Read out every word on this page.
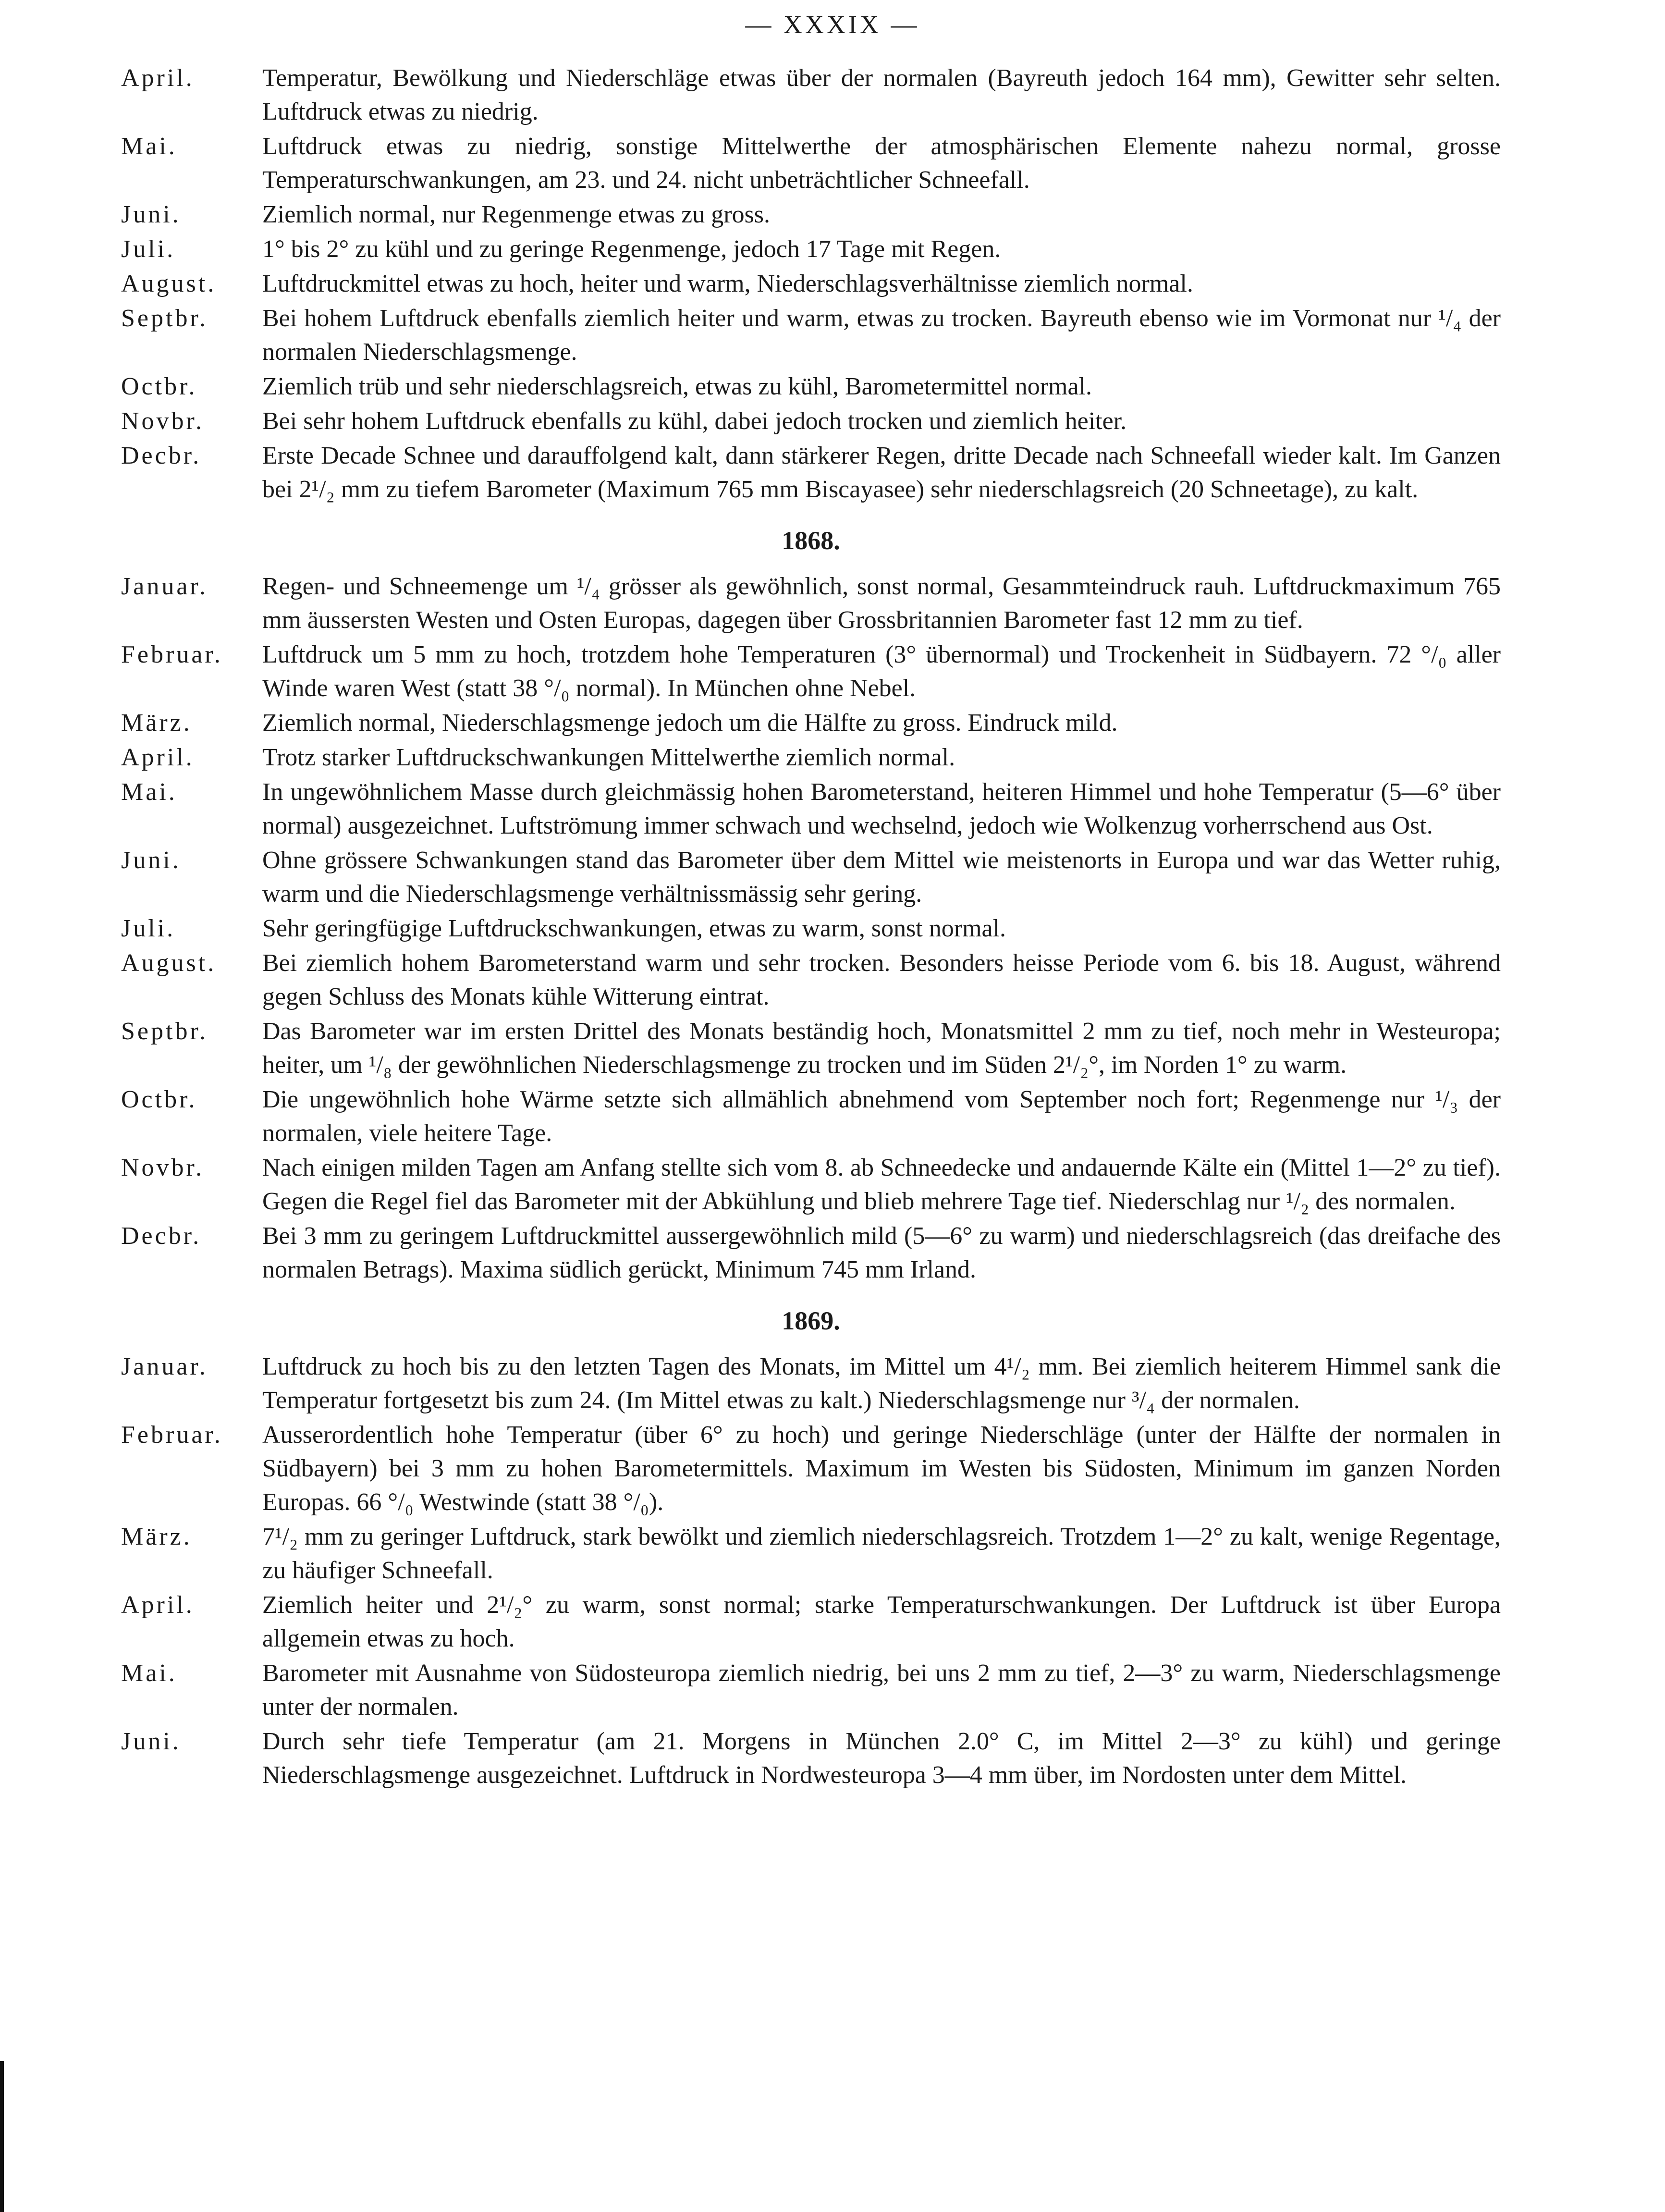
— XXXIX —
April.	Temperatur, Bewölkung und Niederschläge etwas über der normalen (Bayreuth jedoch 164 mm), Gewitter sehr selten. Luftdruck etwas zu niedrig.
Mai.	Luftdruck etwas zu niedrig, sonstige Mittelwerthe der atmosphärischen Elemente nahezu normal, grosse Temperaturschwankungen, am 23. und 24. nicht unbeträchtlicher Schneefall.
Juni.	Ziemlich normal, nur Regenmenge etwas zu gross.
Juli.	1° bis 2° zu kühl und zu geringe Regenmenge, jedoch 17 Tage mit Regen.
August. Luftdruckmittel etwas zu hoch, heiter und warm, Niederschlagsverhältnisse ziemlich normal.
Septbr. Bei hohem Luftdruck ebenfalls ziemlich heiter und warm, etwas zu trocken. Bayreuth ebenso wie im Vormonat nur ¹/₄ der normalen Niederschlagsmenge.
Octbr.	Ziemlich trüb und sehr niederschlagsreich, etwas zu kühl, Barometermittel normal.
Novbr. Bei sehr hohem Luftdruck ebenfalls zu kühl, dabei jedoch trocken und ziemlich heiter.
Decbr. Erste Decade Schnee und darauffolgend kalt, dann stärkerer Regen, dritte Decade nach Schneefall wieder kalt. Im Ganzen bei 2¹/₂ mm zu tiefem Barometer (Maximum 765 mm Biscayasee) sehr niederschlagsreich (20 Schneetage), zu kalt.
1868.
Januar. Regen- und Schneemenge um ¹/₄ grösser als gewöhnlich, sonst normal, Gesammteindruck rauh. Luftdruckmaximum 765 mm äussersten Westen und Osten Europas, dagegen über Grossbritannien Barometer fast 12 mm zu tief.
Februar. Luftdruck um 5 mm zu hoch, trotzdem hohe Temperaturen (3° übernormal) und Trockenheit in Südbayern. 72 °/₀ aller Winde waren West (statt 38 °/₀ normal). In München ohne Nebel.
März.	Ziemlich normal, Niederschlagsmenge jedoch um die Hälfte zu gross. Eindruck mild.
April.	Trotz starker Luftdruckschwankungen Mittelwerthe ziemlich normal.
Mai.	In ungewöhnlichem Masse durch gleichmässig hohen Barometerstand, heiteren Himmel und hohe Temperatur (5—6° über normal) ausgezeichnet. Luftströmung immer schwach und wechselnd, jedoch wie Wolkenzug vorherrschend aus Ost.
Juni.	Ohne grössere Schwankungen stand das Barometer über dem Mittel wie meistenorts in Europa und war das Wetter ruhig, warm und die Niederschlagsmenge verhältnissmässig sehr gering.
Juli.	Sehr geringfügige Luftdruckschwankungen, etwas zu warm, sonst normal.
August. Bei ziemlich hohem Barometerstand warm und sehr trocken. Besonders heisse Periode vom 6. bis 18. August, während gegen Schluss des Monats kühle Witterung eintrat.
Septbr. Das Barometer war im ersten Drittel des Monats beständig hoch, Monatsmittel 2 mm zu tief, noch mehr in Westeuropa; heiter, um ¹/₈ der gewöhnlichen Niederschlagsmenge zu trocken und im Süden 2¹/₂°, im Norden 1° zu warm.
Octbr.	Die ungewöhnlich hohe Wärme setzte sich allmählich abnehmend vom September noch fort; Regenmenge nur ¹/₃ der normalen, viele heitere Tage.
Novbr. Nach einigen milden Tagen am Anfang stellte sich vom 8. ab Schneedecke und andauernde Kälte ein (Mittel 1—2° zu tief). Gegen die Regel fiel das Barometer mit der Abkühlung und blieb mehrere Tage tief. Niederschlag nur ¹/₂ des normalen.
Decbr. Bei 3 mm zu geringem Luftdruckmittel aussergewöhnlich mild (5—6° zu warm) und niederschlagsreich (das dreifache des normalen Betrags). Maxima südlich gerückt, Minimum 745 mm Irland.
1869.
Januar. Luftdruck zu hoch bis zu den letzten Tagen des Monats, im Mittel um 4¹/₂ mm. Bei ziemlich heiterem Himmel sank die Temperatur fortgesetzt bis zum 24. (Im Mittel etwas zu kalt.) Niederschlagsmenge nur ³/₄ der normalen.
Februar. Ausserordentlich hohe Temperatur (über 6° zu hoch) und geringe Niederschläge (unter der Hälfte der normalen in Südbayern) bei 3 mm zu hohen Barometermittels. Maximum im Westen bis Südosten, Minimum im ganzen Norden Europas. 66 °/₀ Westwinde (statt 38 °/₀).
März.	7¹/₂ mm zu geringer Luftdruck, stark bewölkt und ziemlich niederschlagsreich. Trotzdem 1—2° zu kalt, wenige Regentage, zu häufiger Schneefall.
April.	Ziemlich heiter und 2¹/₂° zu warm, sonst normal; starke Temperaturschwankungen. Der Luftdruck ist über Europa allgemein etwas zu hoch.
Mai.	Barometer mit Ausnahme von Südosteuropa ziemlich niedrig, bei uns 2 mm zu tief, 2—3° zu warm, Niederschlagsmenge unter der normalen.
Juni.	Durch sehr tiefe Temperatur (am 21. Morgens in München 2.0° C, im Mittel 2—3° zu kühl) und geringe Niederschlagsmenge ausgezeichnet. Luftdruck in Nordwesteuropa 3—4 mm über, im Nordosten unter dem Mittel.
